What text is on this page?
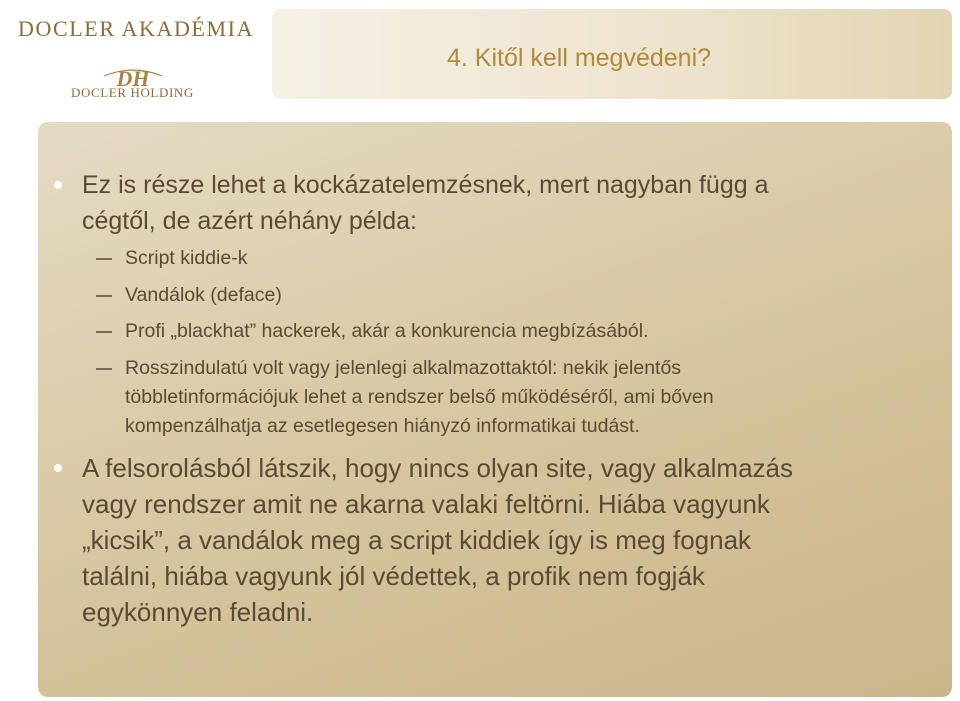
DOCLER AKADÉMIA
DH
DOCLER HOLDING
4. Kitől kell megvédeni?
Ez is része lehet a kockázatelemzésnek, mert nagyban függ a
cégtől, de azért néhány példa:
Script kiddie-k
Vandálok (deface)
Profi „blackhat” hackerek, akár a konkurencia megbízásából.
Rosszindulatú volt vagy jelenlegi alkalmazottaktól: nekik jelentős
többletinformációjuk lehet a rendszer belső működéséről, ami bőven
kompenzálhatja az esetlegesen hiányzó informatikai tudást.
A felsorolásból látszik, hogy nincs olyan site, vagy alkalmazás
vagy rendszer amit ne akarna valaki feltörni. Hiába vagyunk
„kicsik”, a vandálok meg a script kiddiek így is meg fognak
találni, hiába vagyunk jól védettek, a profik nem fogják
egykönnyen feladni.
